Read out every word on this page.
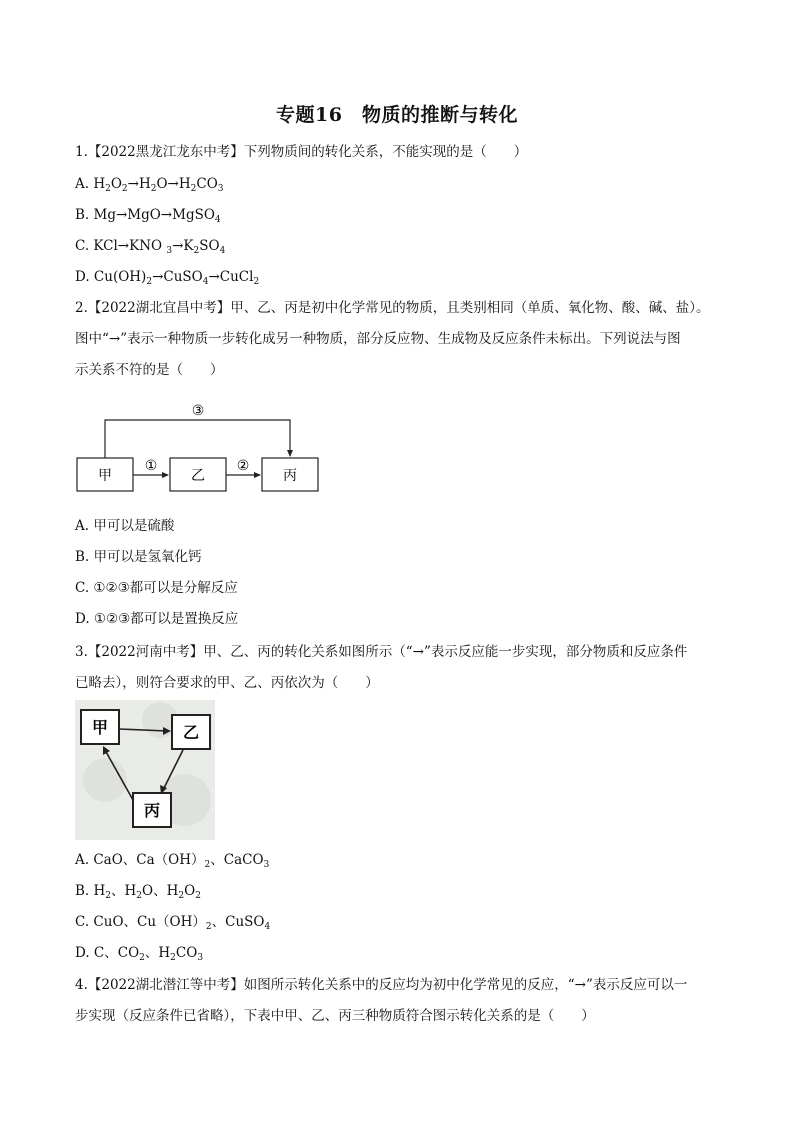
专题16　物质的推断与转化
1.【2022黑龙江龙东中考】下列物质间的转化关系，不能实现的是（　　）
A. $H_2O_2\to H_2O\to H_2CO_3$
B. Mg→MgO→MgSO$_4$
C. KCl→KNO $_3\to K_2SO_4$
D. $Cu(OH)_2\to CuSO_4\to CuCl_2$
2.【2022湖北宜昌中考】甲、乙、丙是初中化学常见的物质，且类别相同（单质、氧化物、酸、碱、盐）。
图中“→”表示一种物质一步转化成另一种物质，部分反应物、生成物及反应条件未标出。下列说法与图
示关系不符的是（　　）
甲	乙	丙
①	②
③
A. 甲可以是硫酸
B. 甲可以是氢氧化钙
C. ①②③都可以是分解反应
D. ①②③都可以是置换反应
3.【2022河南中考】甲、乙、丙的转化关系如图所示（“→”表示反应能一步实现，部分物质和反应条件
已略去），则符合要求的甲、乙、丙依次为（　　）
甲	乙
丙
A. CaO、$Ca(OH)_2$、CaCO$_3$
B. $H_2$、$H_2O$、$H_2O_2$
C. CuO、$Cu(OH)_2$、CuSO$_4$
D. C、$CO_2$、$H_2CO_3$
4.【2022湖北潜江等中考】如图所示转化关系中的反应均为初中化学常见的反应，“→”表示反应可以一
步实现（反应条件已省略），下表中甲、乙、丙三种物质符合图示转化关系的是（　　）
